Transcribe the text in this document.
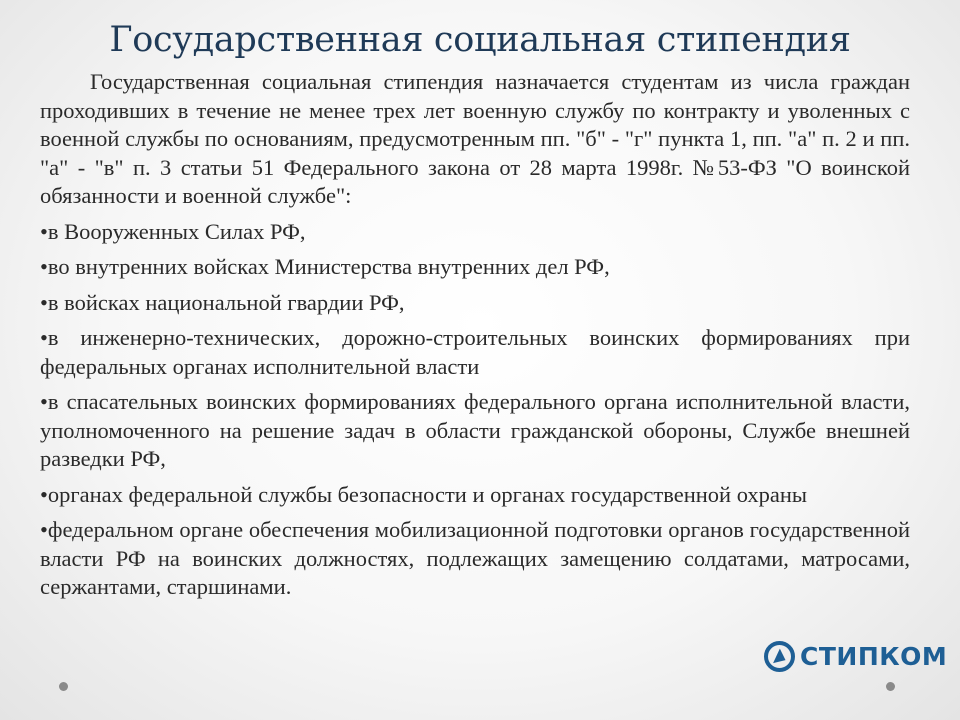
Государственная социальная стипендия

Государственная социальная стипендия назначается студентам из числа граждан проходивших в течение не менее трех лет военную службу по контракту и уволенных с военной службы по основаниям, предусмотренным пп. "б" - "г" пункта 1, пп. "а" п. 2 и пп. "а" - "в" п. 3 статьи 51 Федерального закона от 28 марта 1998г. №53-ФЗ "О воинской обязанности и военной службе":

•в Вооруженных Силах РФ,

•во внутренних войсках Министерства внутренних дел РФ,

•в войсках национальной гвардии РФ,

•в инженерно-технических, дорожно-строительных воинских формированиях при федеральных органах исполнительной власти

•в спасательных воинских формированиях федерального органа исполнительной власти, уполномоченного на решение задач в области гражданской обороны, Службе внешней разведки РФ,

•органах федеральной службы безопасности и органах государственной охраны

•федеральном органе обеспечения мобилизационной подготовки органов государственной власти РФ на воинских должностях, подлежащих замещению солдатами, матросами, сержантами, старшинами.

СТИПКОМ
